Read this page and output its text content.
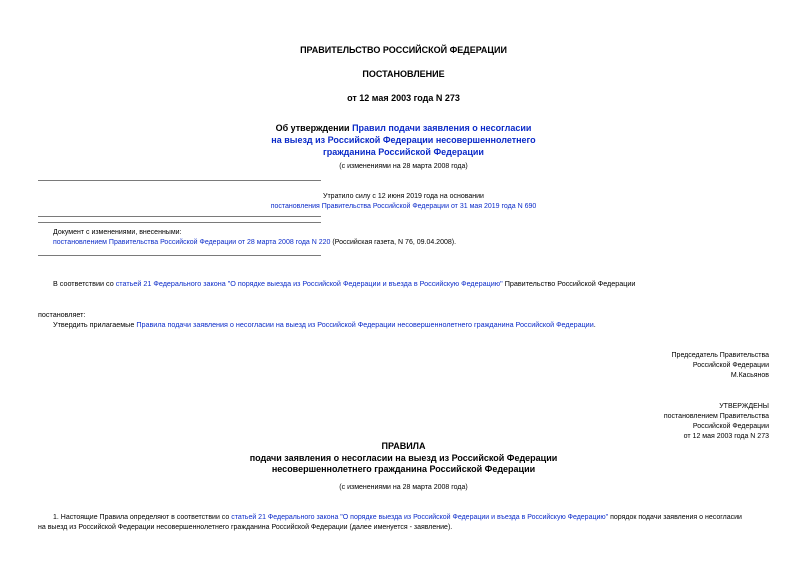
ПРАВИТЕЛЬСТВО РОССИЙСКОЙ ФЕДЕРАЦИИ
ПОСТАНОВЛЕНИЕ
от 12 мая 2003 года N 273
Об утверждении Правил подачи заявления о несогласии
на выезд из Российской Федерации несовершеннолетнего
гражданина Российской Федерации
(с изменениями на 28 марта 2008 года)
Утратило силу с 12 июня 2019 года на основании
постановления Правительства Российской Федерации от 31 мая 2019 года N 690
Документ с изменениями, внесенными:
постановлением Правительства Российской Федерации от 28 марта 2008 года N 220 (Российская газета, N 76, 09.04.2008).
В соответствии со статьей 21 Федерального закона "О порядке выезда из Российской Федерации и въезда в Российскую Федерацию" Правительство Российской Федерации
постановляет:
Утвердить прилагаемые Правила подачи заявления о несогласии на выезд из Российской Федерации несовершеннолетнего гражданина Российской Федерации.
Председатель Правительства
Российской Федерации
М.Касьянов
УТВЕРЖДЕНЫ
постановлением Правительства
Российской Федерации
от 12 мая 2003 года N 273
ПРАВИЛА
подачи заявления о несогласии на выезд из Российской Федерации
несовершеннолетнего гражданина Российской Федерации
(с изменениями на 28 марта 2008 года)
1. Настоящие Правила определяют в соответствии со статьей 21 Федерального закона "О порядке выезда из Российской Федерации и въезда в Российскую Федерацию" порядок подачи заявления о несогласии
на выезд из Российской Федерации несовершеннолетнего гражданина Российской Федерации (далее именуется - заявление).
